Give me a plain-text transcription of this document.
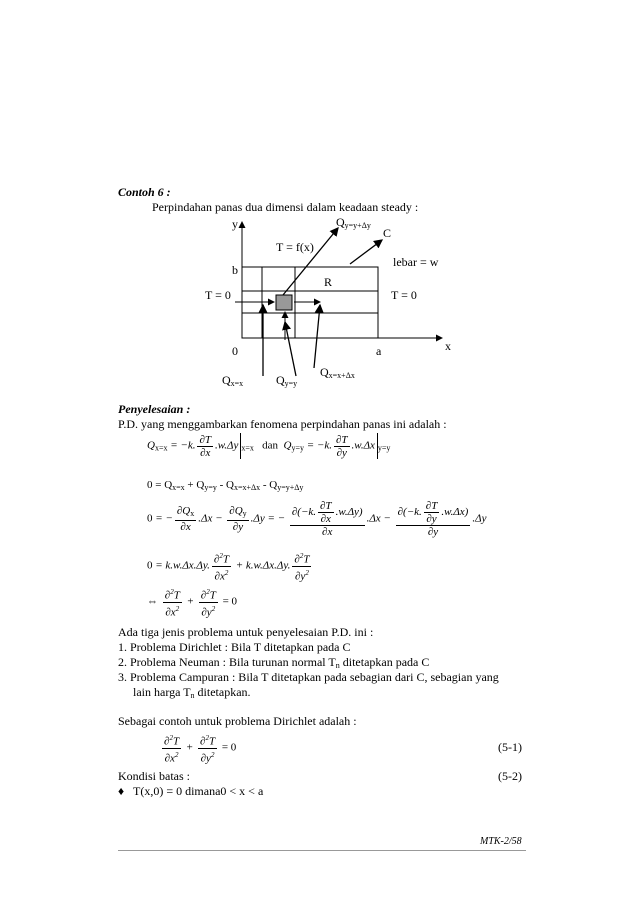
Contoh 6 :
Perpindahan panas dua dimensi dalam keadaan steady :
y
x
0	a
b
T = f(x)
T = 0	T = 0
R
C
lebar = w
$Q_{y=y+\Delta y}$
$Q_{x=x}$	$Q_{y=y}$
$Q_{x=x+\Delta x}$
Penyelesaian :
P.D. yang menggambarkan fenomena perpindahan panas ini adalah :
$Q_{x=x} = -k$. $\frac{\partial T}{\partial x} .w.\Delta y$ $_{x=x}$ dan  $Q_{y=y} = -k$. $\frac{\partial T}{\partial y} .w.\Delta x$ $_{y=y}$
$0 = Q_{x=x} + Q_{y=y} - Q_{x=x+\Delta x} - Q_{y=y+\Delta y}$
0 = − $\frac{\partial Q_x}{\partial x} .\Delta x - \frac{\partial Q_y}{\partial y} .\Delta y$ = − $\frac{\partial(-k. \frac{\partial T}{\partial x} .w.\Delta y)}{\partial x} .\Delta x - \frac{\partial(-k. \frac{\partial T}{\partial y} .w.\Delta x)}{\partial y} .\Delta y$
0 = k.w.Δx.Δy. $\frac{\partial^2T}{\partial x^2} + k.w.\Delta x.\Delta y$. $\frac{\partial^2T}{\partial y^2}$
⇔ $\frac{\partial^2T}{\partial x^2} + \frac{\partial^2T}{\partial y^2} = 0$
Ada tiga jenis problema untuk penyelesaian P.D. ini :
1. Problema Dirichlet : Bila T ditetapkan pada C
2. Problema Neuman : Bila turunan normal $T_n$ ditetapkan pada C
3. Problema Campuran : Bila T ditetapkan pada sebagian dari C, sebagian yang
lain harga $T_n$ ditetapkan.
Sebagai contoh untuk problema Dirichlet adalah :
$\frac{\partial^2T}{\partial x^2} + \frac{\partial^2T}{\partial y^2} = 0$	(5-1)
Kondisi batas :	(5-2)
♦ T(x,0) = 0 dimana0 < x < a
MTK-2/58
